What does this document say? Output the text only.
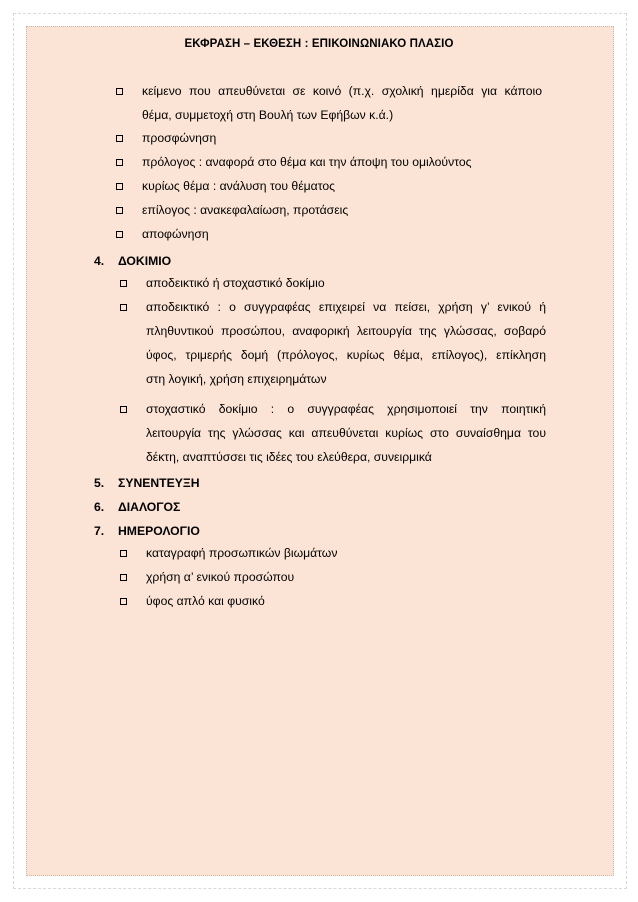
ΕΚΦΡΑΣΗ – ΕΚΘΕΣΗ : ΕΠΙΚΟΙΝΩΝΙΑΚΟ ΠΛΑΣΙΟ
κείμενο που απευθύνεται σε κοινό (π.χ. σχολική ημερίδα για κάποιο
θέμα, συμμετοχή στη Βουλή των Εφήβων κ.ά.)
προσφώνηση
πρόλογος : αναφορά στο θέμα και την άποψη του ομιλούντος
κυρίως θέμα : ανάλυση του θέματος
επίλογος : ανακεφαλαίωση, προτάσεις
αποφώνηση
4. ΔΟΚΙΜΙΟ
αποδεικτικό ή στοχαστικό δοκίμιο
αποδεικτικό : ο συγγραφέας επιχειρεί να πείσει, χρήση γ’ ενικού ή
πληθυντικού προσώπου, αναφορική λειτουργία της γλώσσας, σοβαρό
ύφος, τριμερής δομή (πρόλογος, κυρίως θέμα, επίλογος), επίκληση
στη λογική, χρήση επιχειρημάτων
στοχαστικό δοκίμιο : ο συγγραφέας χρησιμοποιεί την ποιητική
λειτουργία της γλώσσας και απευθύνεται κυρίως στο συναίσθημα του
δέκτη, αναπτύσσει τις ιδέες του ελεύθερα, συνειρμικά
5. ΣΥΝΕΝΤΕΥΞΗ
6. ΔΙΑΛΟΓΟΣ
7. ΗΜΕΡΟΛΟΓΙΟ
καταγραφή προσωπικών βιωμάτων
χρήση α’ ενικού προσώπου
ύφος απλό και φυσικό
